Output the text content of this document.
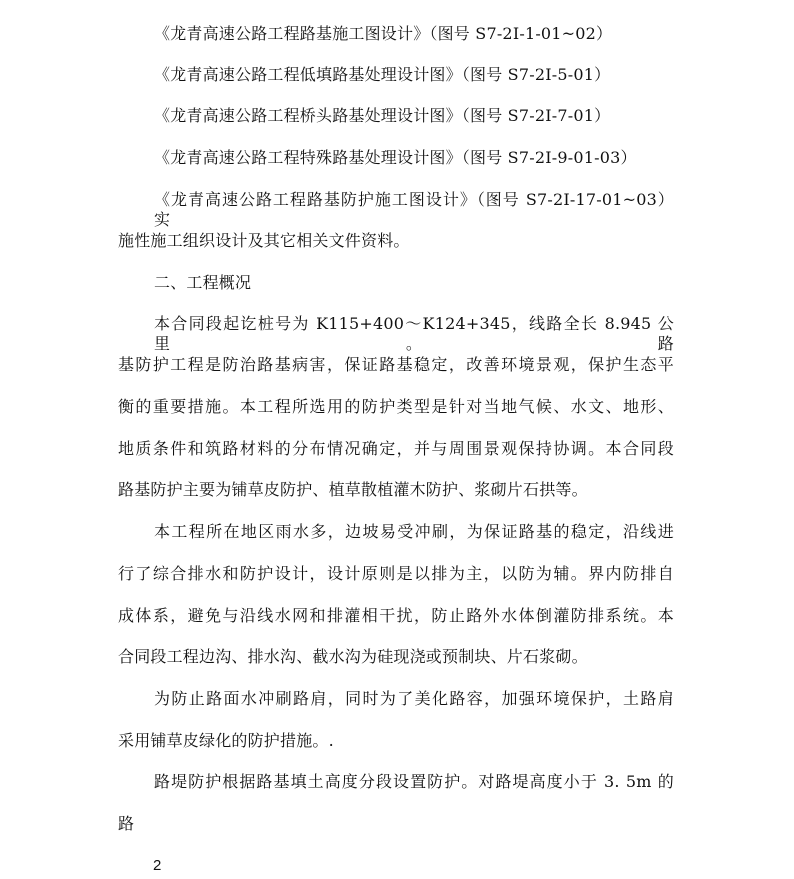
《龙青高速公路工程路基施工图设计》（图号 S7-2I-1-01~02）
《龙青高速公路工程低填路基处理设计图》（图号 S7-2I-5-01）
《龙青高速公路工程桥头路基处理设计图》（图号 S7-2I-7-01）
《龙青高速公路工程特殊路基处理设计图》（图号 S7-2I-9-01-03）
《龙青高速公路工程路基防护施工图设计》（图号 S7-2I-17-01~03） 实
施性施工组织设计及其它相关文件资料。
二、工程概况
本合同段起讫桩号为 K115+400～K124+345，线路全长 8.945 公里。路
基防护工程是防治路基病害，保证路基稳定，改善环境景观，保护生态平
衡的重要措施。本工程所选用的防护类型是针对当地气候、水文、地形、
地质条件和筑路材料的分布情况确定，并与周围景观保持协调。本合同段
路基防护主要为铺草皮防护、植草散植灌木防护、浆砌片石拱等。
本工程所在地区雨水多，边坡易受冲刷，为保证路基的稳定，沿线进
行了综合排水和防护设计，设计原则是以排为主，以防为辅。界内防排自
成体系，避免与沿线水网和排灌相干扰，防止路外水体倒灌防排系统。本
合同段工程边沟、排水沟、截水沟为硅现浇或预制块、片石浆砌。
为防止路面水冲刷路肩，同时为了美化路容，加强环境保护，土路肩
采用铺草皮绿化的防护措施。.
路堤防护根据路基填土高度分段设置防护。对路堤高度小于 3. 5m 的
路
2
